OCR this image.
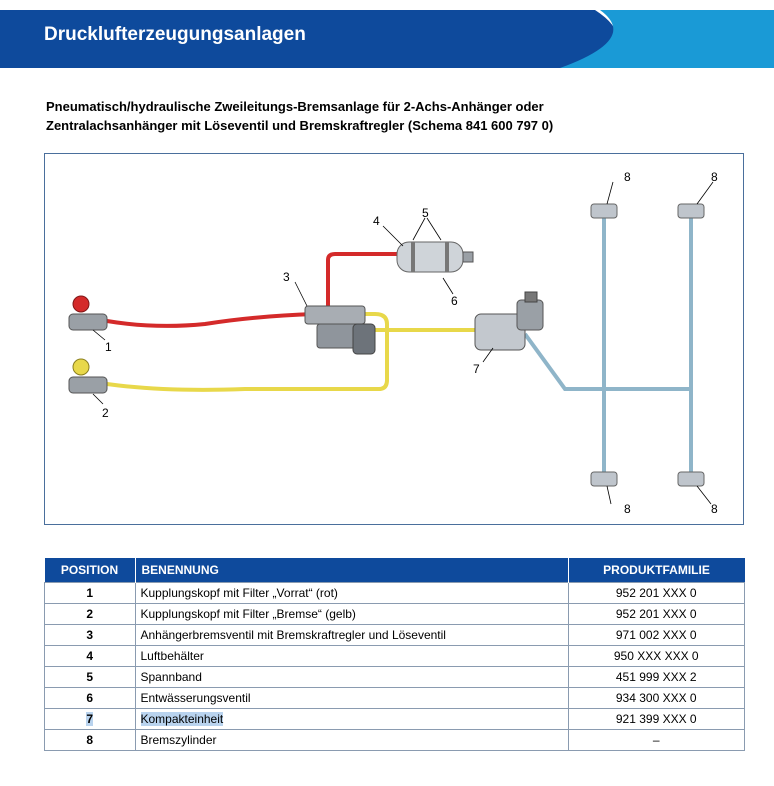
Drucklufterzeugungsanlagen
Pneumatisch/hydraulische Zweileitungs-Bremsanlage für 2-Achs-Anhänger oder
Zentralachsanhänger mit Löseventil und Bremskraftregler (Schema 841 600 797 0)
1
2
3
4
5
6
7
8	8
8	8
POSITION	BENENNUNG	PRODUKTFAMILIE
1	Kupplungskopf mit Filter „Vorrat“ (rot)	952 201 XXX 0
2	Kupplungskopf mit Filter „Bremse“ (gelb)	952 201 XXX 0
3	Anhängerbremsventil mit Bremskraftregler und Löseventil	971 002 XXX 0
4	Luftbehälter	950 XXX XXX 0
5	Spannband	451 999 XXX 2
6	Entwässerungsventil	934 300 XXX 0
7	Kompakteinheit	921 399 XXX 0
8	Bremszylinder	–
